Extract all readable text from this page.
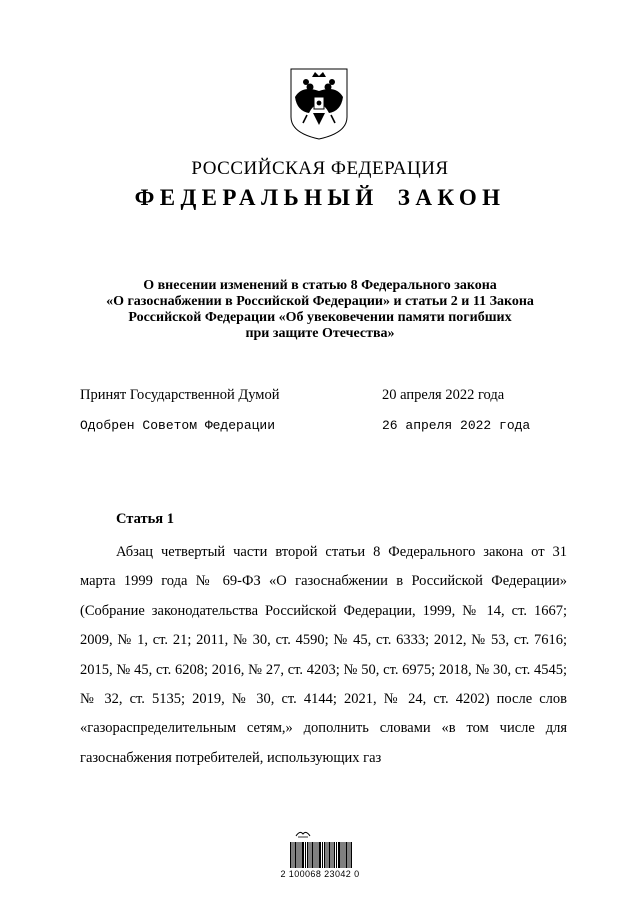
РОССИЙСКАЯ ФЕДЕРАЦИЯ
ФЕДЕРАЛЬНЫЙ ЗАКОН
О внесении изменений в статью 8 Федерального закона
«О газоснабжении в Российской Федерации» и статьи 2 и 11 Закона
Российской Федерации «Об увековечении памяти погибших
при защите Отечества»
Принят Государственной Думой	20 апреля 2022 года
Одобрен Советом Федерации	26 апреля 2022 года
Статья 1
Абзац четвертый части второй статьи 8 Федерального закона от 31 марта 1999 года № 69-ФЗ «О газоснабжении в Российской Федерации» (Собрание законодательства Российской Федерации, 1999, № 14, ст. 1667; 2009, № 1, ст. 21; 2011, № 30, ст. 4590; № 45, ст. 6333; 2012, № 53, ст. 7616; 2015, № 45, ст. 6208; 2016, № 27, ст. 4203; № 50, ст. 6975; 2018, № 30, ст. 4545; № 32, ст. 5135; 2019, № 30, ст. 4144; 2021, № 24, ст. 4202) после слов «газораспределительным сетям,» дополнить словами «в том числе для газоснабжения потребителей, использующих газ
2 100068 23042 0
